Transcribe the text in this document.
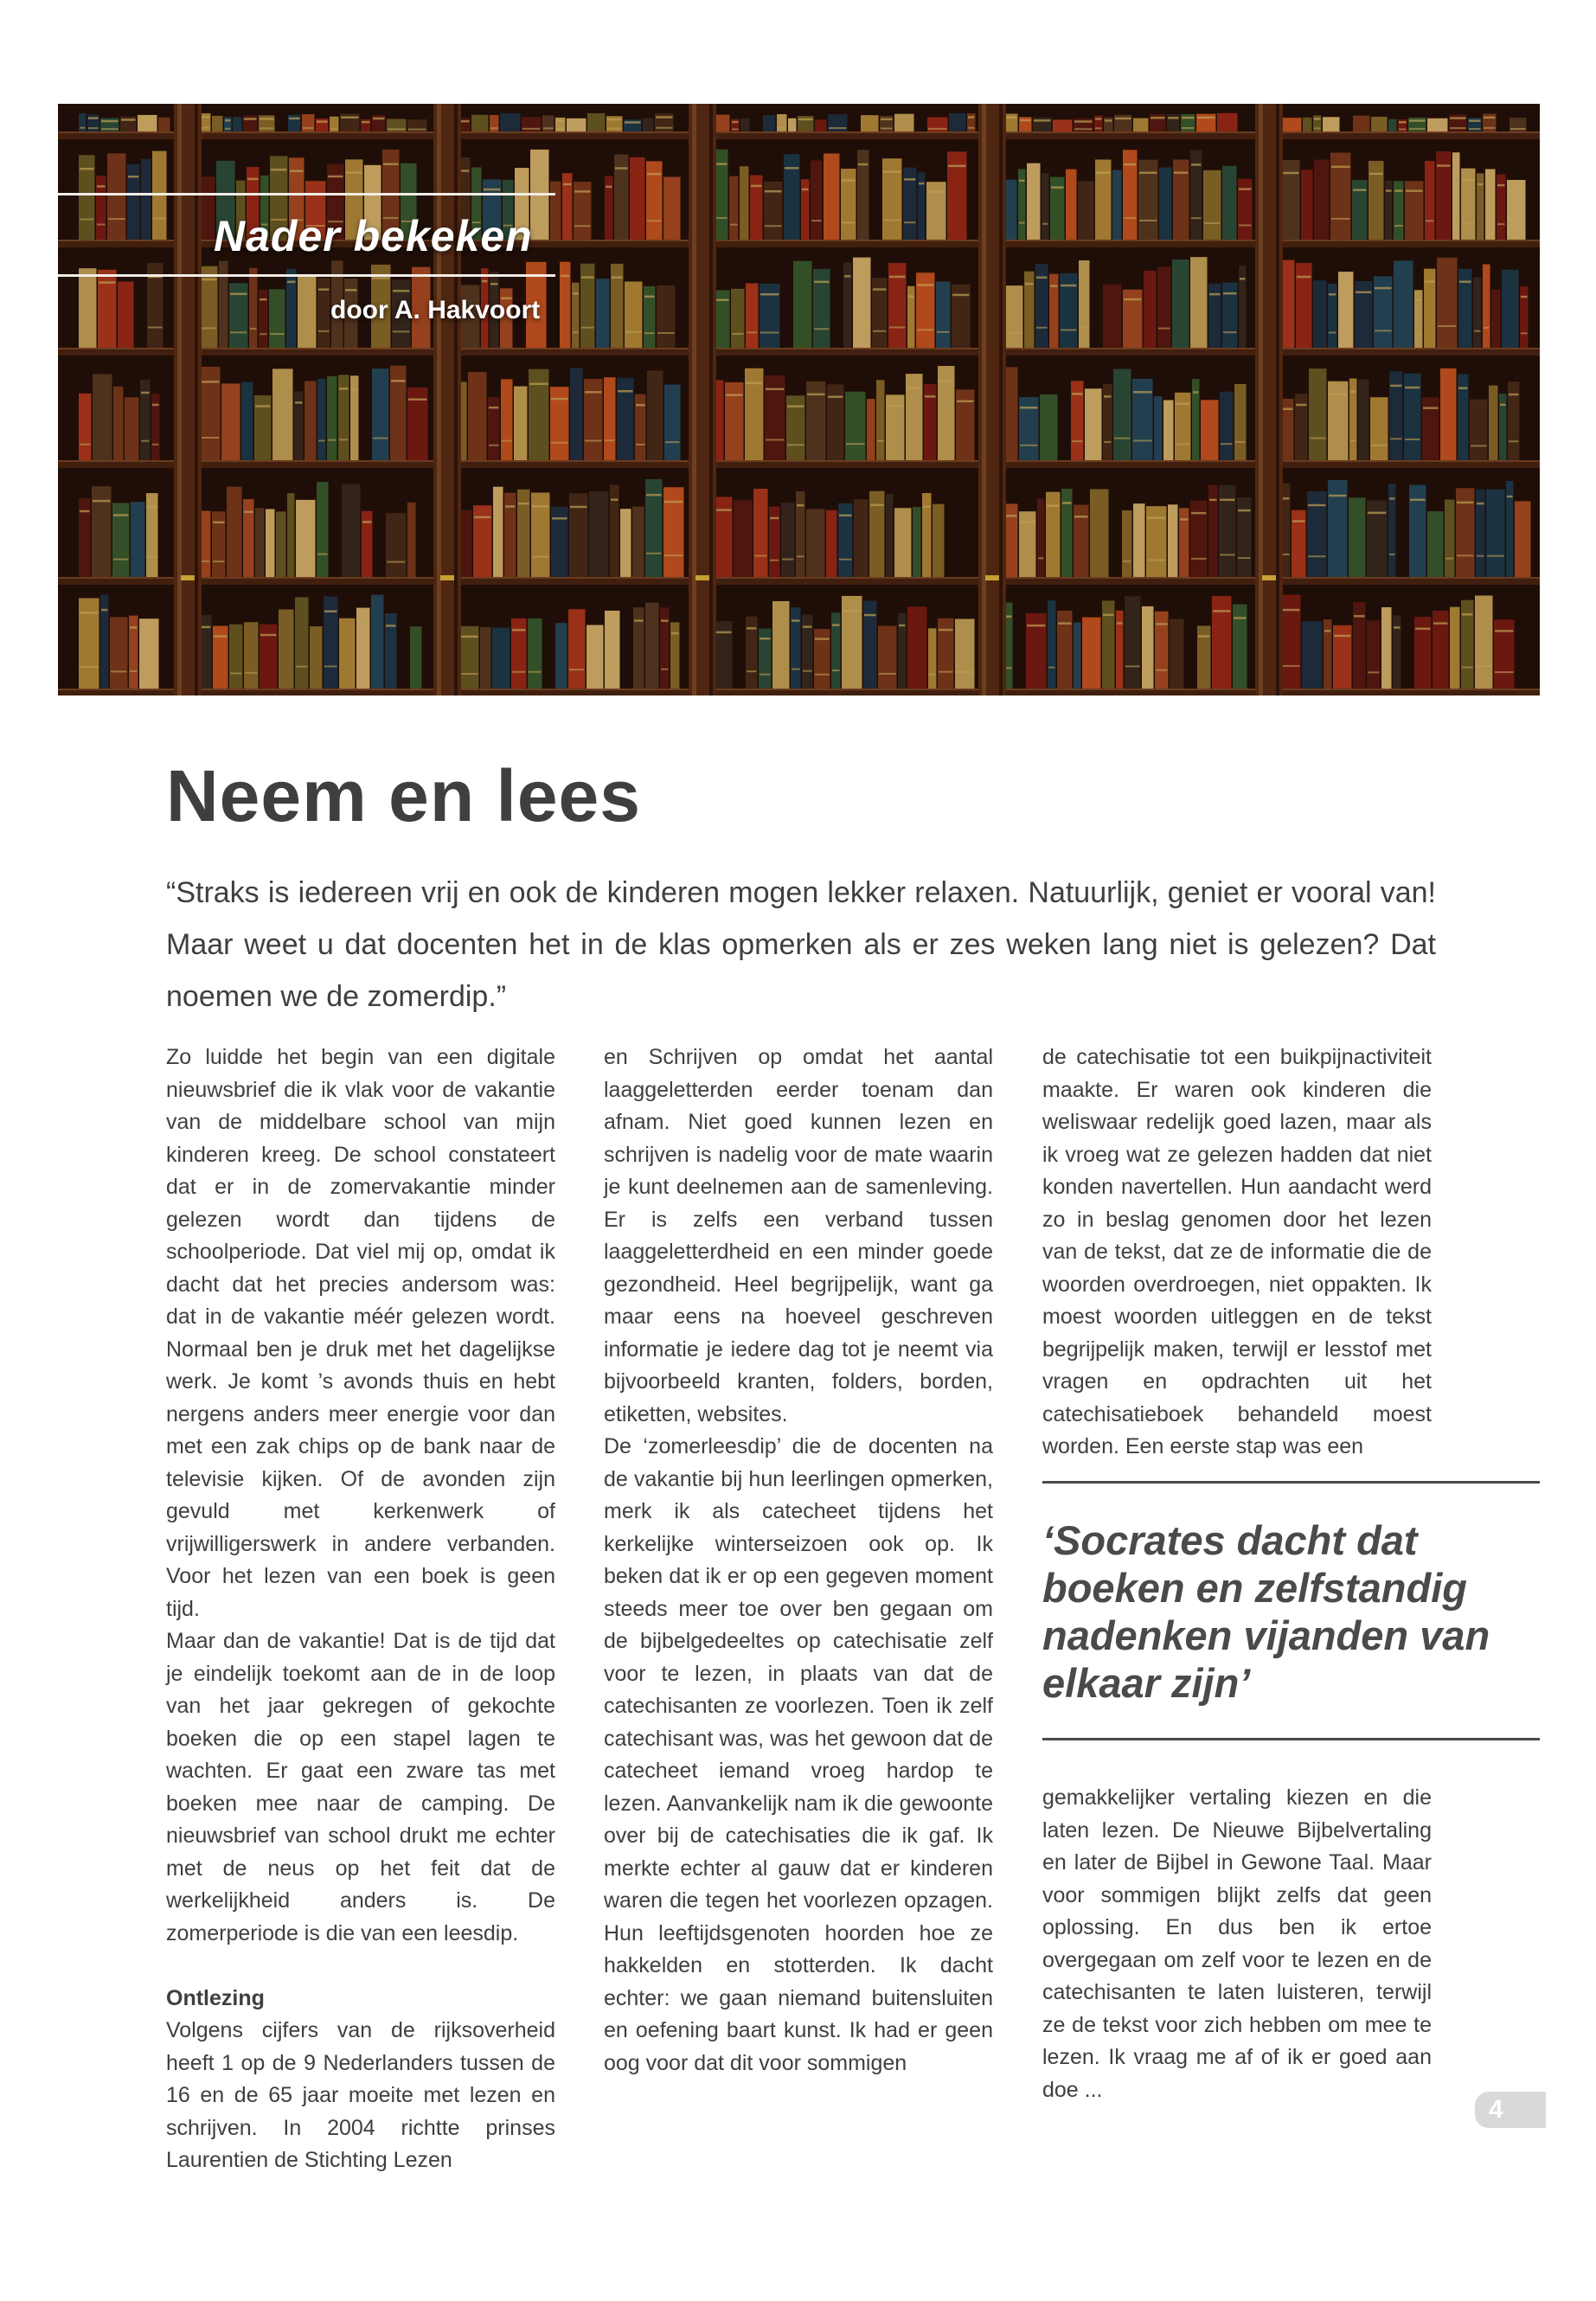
Nader bekeken
door A. Hakvoort
Neem en lees

“Straks is iedereen vrij en ook de kinderen mogen lekker relaxen. Natuurlijk, geniet er vooral van! Maar weet u dat docenten het in de klas opmerken als er zes weken lang niet is gelezen? Dat noemen we de zomerdip.”

Zo luidde het begin van een digitale nieuwsbrief die ik vlak voor de vakantie van de middelbare school van mijn kinderen kreeg. De school constateert dat er in de zomervakantie minder gelezen wordt dan tijdens de schoolperiode. Dat viel mij op, omdat ik dacht dat het precies andersom was: dat in de vakantie méér gelezen wordt. Normaal ben je druk met het dagelijkse werk. Je komt ’s avonds thuis en hebt nergens anders meer energie voor dan met een zak chips op de bank naar de televisie kijken. Of de avonden zijn gevuld met kerkenwerk of vrijwilligerswerk in andere verbanden. Voor het lezen van een boek is geen tijd.

Maar dan de vakantie! Dat is de tijd dat je eindelijk toekomt aan de in de loop van het jaar gekregen of gekochte boeken die op een stapel lagen te wachten. Er gaat een zware tas met boeken mee naar de camping. De nieuwsbrief van school drukt me echter met de neus op het feit dat de werkelijkheid anders is. De zomerperiode is die van een leesdip.

Ontlezing

Volgens cijfers van de rijksoverheid heeft 1 op de 9 Nederlanders tussen de 16 en de 65 jaar moeite met lezen en schrijven. In 2004 richtte prinses Laurentien de Stichting Lezen

en Schrijven op omdat het aantal laaggeletterden eerder toenam dan afnam. Niet goed kunnen lezen en schrijven is nadelig voor de mate waarin je kunt deelnemen aan de samenleving. Er is zelfs een verband tussen laaggeletterdheid en een minder goede gezondheid. Heel begrijpelijk, want ga maar eens na hoeveel geschreven informatie je iedere dag tot je neemt via bijvoorbeeld kranten, folders, borden, etiketten, websites.

De ‘zomerleesdip’ die de docenten na de vakantie bij hun leerlingen opmerken, merk ik als catecheet tijdens het kerkelijke winterseizoen ook op. Ik beken dat ik er op een gegeven moment steeds meer toe over ben gegaan om de bijbelgedeeltes op catechisatie zelf voor te lezen, in plaats van dat de catechisanten ze voorlezen. Toen ik zelf catechisant was, was het gewoon dat de catecheet iemand vroeg hardop te lezen. Aanvankelijk nam ik die gewoonte over bij de catechisaties die ik gaf. Ik merkte echter al gauw dat er kinderen waren die tegen het voorlezen opzagen. Hun leeftijdsgenoten hoorden hoe ze hakkelden en stotterden. Ik dacht echter: we gaan niemand buitensluiten en oefening baart kunst. Ik had er geen oog voor dat dit voor sommigen

de catechisatie tot een buikpijnactiviteit maakte. Er waren ook kinderen die weliswaar redelijk goed lazen, maar als ik vroeg wat ze gelezen hadden dat niet konden navertellen. Hun aandacht werd zo in beslag genomen door het lezen van de tekst, dat ze de informatie die de woorden overdroegen, niet oppakten. Ik moest woorden uitleggen en de tekst begrijpelijk maken, terwijl er lesstof met vragen en opdrachten uit het catechisatieboek behandeld moest worden. Een eerste stap was een

‘Socrates dacht dat boeken en zelfstandig nadenken vijanden van elkaar zijn’

gemakkelijker vertaling kiezen en die laten lezen. De Nieuwe Bijbelvertaling en later de Bijbel in Gewone Taal. Maar voor sommigen blijkt zelfs dat geen oplossing. En dus ben ik ertoe overgegaan om zelf voor te lezen en de catechisanten te laten luisteren, terwijl ze de tekst voor zich hebben om mee te lezen. Ik vraag me af of ik er goed aan doe ...

4
